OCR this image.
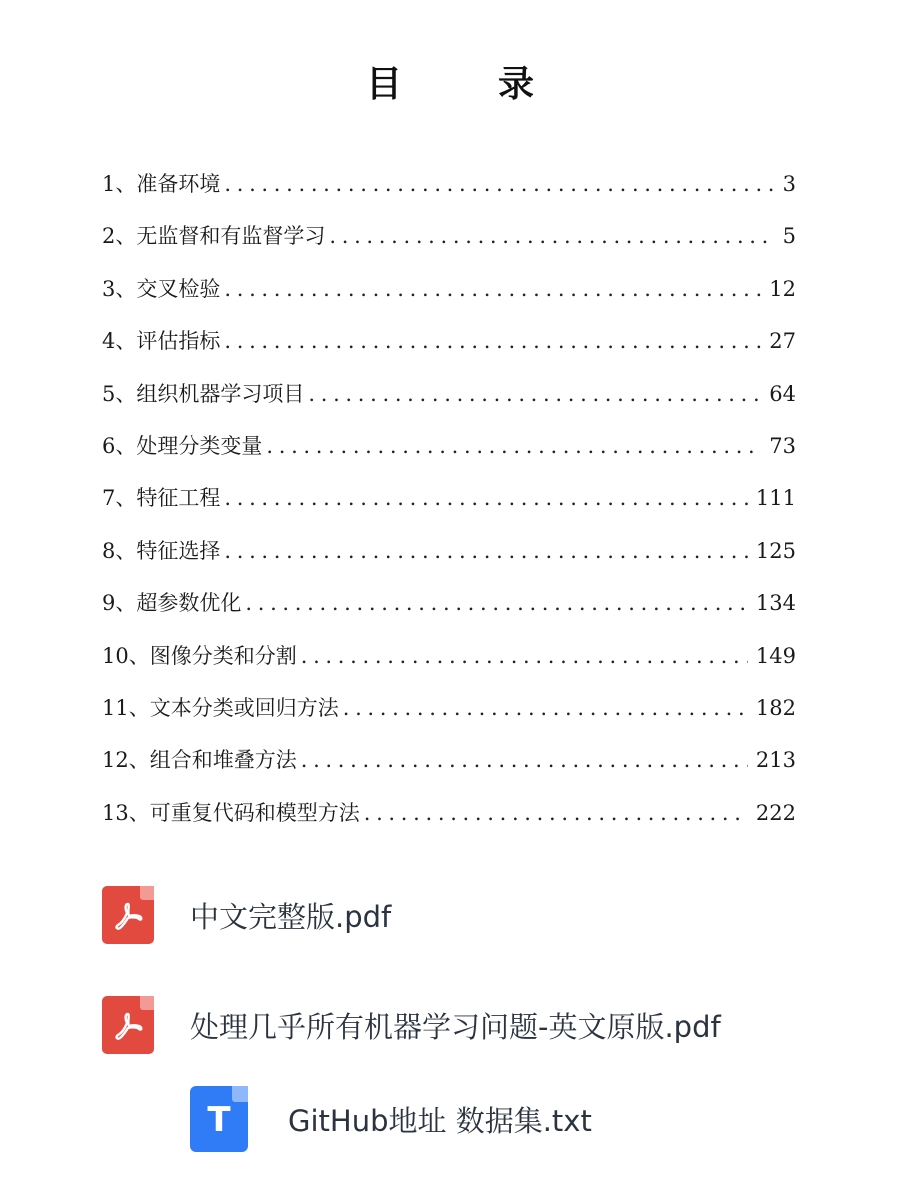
目　录
1、准备环境 . . .	3
2、无监督和有监督学习 . . .	5
3、交叉检验 . . .	12
4、评估指标 . . .	27
5、组织机器学习项目 . . .	64
6、处理分类变量 . . .	73
7、特征工程 . . .	111
8、特征选择 . . .	125
9、超参数优化 . . .	134
10、图像分类和分割 . . .	149
11、文本分类或回归方法 . . .	182
12、组合和堆叠方法 . . .	213
13、可重复代码和模型方法 . . .	222
中文完整版.pdf
处理几乎所有机器学习问题-英文原版.pdf
T	GitHub地址 数据集.txt
